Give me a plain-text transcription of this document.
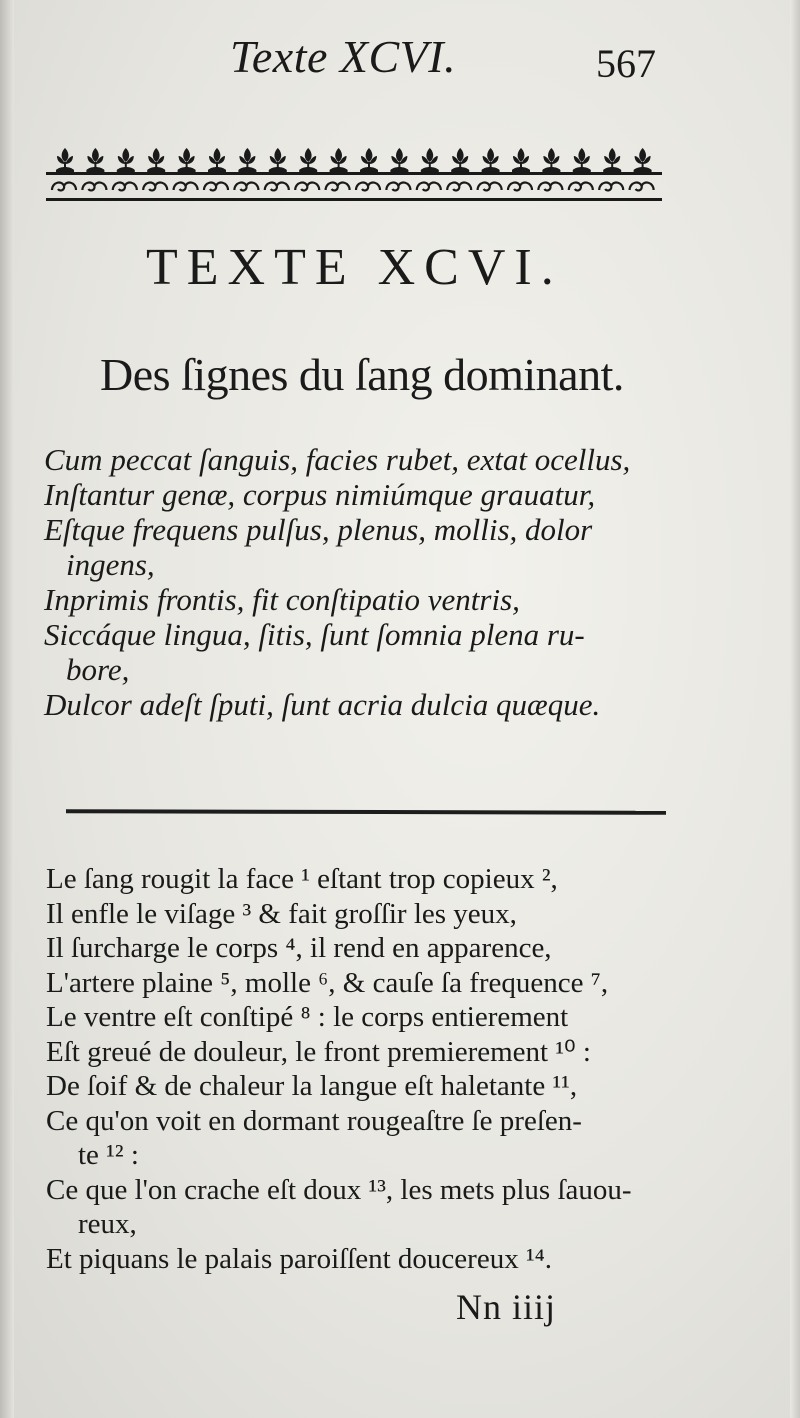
Texte XCVI.	567
TEXTE XCVI.
Des ſignes du ſang dominant.
Cum peccat ſanguis, facies rubet, extat ocellus,
Inſtantur genæ, corpus nimiúmque grauatur,
Eſtque frequens pulſus, plenus, mollis, dolor
ingens,
Inprimis frontis, fit conſtipatio ventris,
Siccáque lingua, ſitis, ſunt ſomnia plena ru-
bore,
Dulcor adeſt ſputi, ſunt acria dulcia quæque.
Le ſang rougit la face ¹ eſtant trop copieux ²,
Il enfle le viſage ³ & fait groſſir les yeux,
Il ſurcharge le corps ⁴, il rend en apparence,
L'artere plaine ⁵, molle ⁶, & cauſe ſa frequence ⁷,
Le ventre eſt conſtipé ⁸ : le corps entierement
Eſt greué de douleur, le front premierement ¹⁰ :
De ſoif & de chaleur la langue eſt haletante ¹¹,
Ce qu'on voit en dormant rougeaſtre ſe preſen-
te ¹² :
Ce que l'on crache eſt doux ¹³, les mets plus ſauou-
reux,
Et piquans le palais paroiſſent doucereux ¹⁴.
Nn iiij
